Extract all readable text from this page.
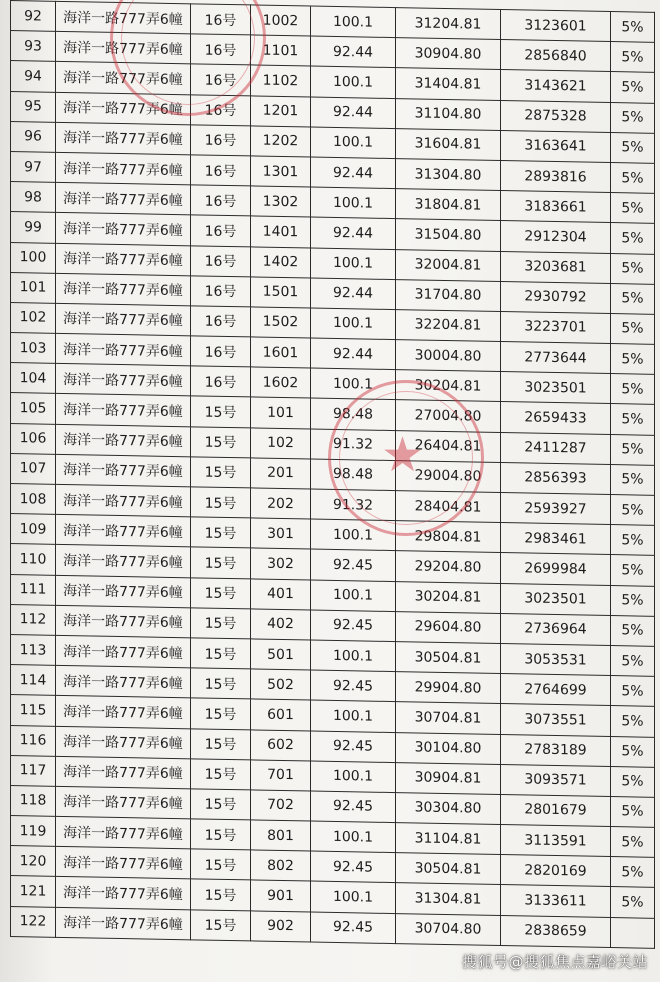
92	海洋一路777弄6幢	16号	1002	100.1	31204.81	3123601	5%
93	海洋一路777弄6幢	16号	1101	92.44	30904.80	2856840	5%
94	海洋一路777弄6幢	16号	1102	100.1	31404.81	3143621	5%
95	海洋一路777弄6幢	16号	1201	92.44	31104.80	2875328	5%
96	海洋一路777弄6幢	16号	1202	100.1	31604.81	3163641	5%
97	海洋一路777弄6幢	16号	1301	92.44	31304.80	2893816	5%
98	海洋一路777弄6幢	16号	1302	100.1	31804.81	3183661	5%
99	海洋一路777弄6幢	16号	1401	92.44	31504.80	2912304	5%
100	海洋一路777弄6幢	16号	1402	100.1	32004.81	3203681	5%
101	海洋一路777弄6幢	16号	1501	92.44	31704.80	2930792	5%
102	海洋一路777弄6幢	16号	1502	100.1	32204.81	3223701	5%
103	海洋一路777弄6幢	16号	1601	92.44	30004.80	2773644	5%
104	海洋一路777弄6幢	16号	1602	100.1	30204.81	3023501	5%
105	海洋一路777弄6幢	15号	101	98.48	27004.80	2659433	5%
106	海洋一路777弄6幢	15号	102	91.32	26404.81	2411287	5%
107	海洋一路777弄6幢	15号	201	98.48	29004.80	2856393	5%
108	海洋一路777弄6幢	15号	202	91.32	28404.81	2593927	5%
109	海洋一路777弄6幢	15号	301	100.1	29804.81	2983461	5%
110	海洋一路777弄6幢	15号	302	92.45	29204.80	2699984	5%
111	海洋一路777弄6幢	15号	401	100.1	30204.81	3023501	5%
112	海洋一路777弄6幢	15号	402	92.45	29604.80	2736964	5%
113	海洋一路777弄6幢	15号	501	100.1	30504.81	3053531	5%
114	海洋一路777弄6幢	15号	502	92.45	29904.80	2764699	5%
115	海洋一路777弄6幢	15号	601	100.1	30704.81	3073551	5%
116	海洋一路777弄6幢	15号	602	92.45	30104.80	2783189	5%
117	海洋一路777弄6幢	15号	701	100.1	30904.81	3093571	5%
118	海洋一路777弄6幢	15号	702	92.45	30304.80	2801679	5%
119	海洋一路777弄6幢	15号	801	100.1	31104.81	3113591	5%
120	海洋一路777弄6幢	15号	802	92.45	30504.81	2820169	5%
121	海洋一路777弄6幢	15号	901	100.1	31304.81	3133611	5%
122	海洋一路777弄6幢	15号	902	92.45	30704.80	2838659	
★
搜狐号@搜狐焦点嘉峪关站
